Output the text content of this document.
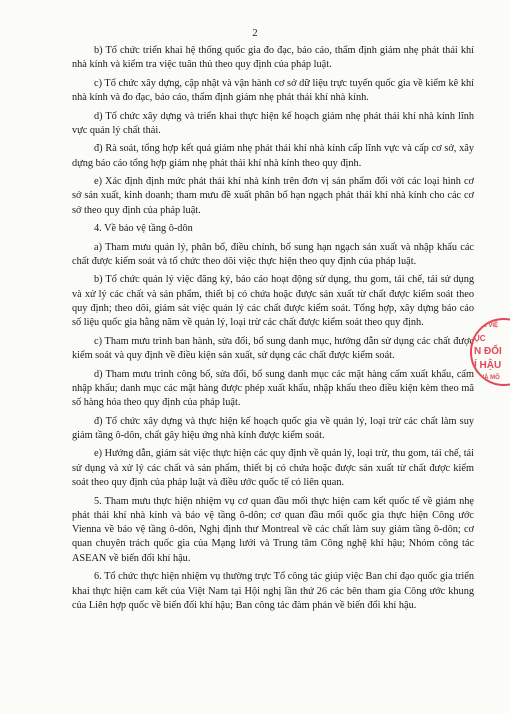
2

b) Tổ chức triển khai hệ thống quốc gia đo đạc, báo cáo, thẩm định giảm nhẹ phát thải khí nhà kính và kiểm tra việc tuân thủ theo quy định của pháp luật.

c) Tổ chức xây dựng, cập nhật và vận hành cơ sở dữ liệu trực tuyến quốc gia về kiểm kê khí nhà kính và đo đạc, báo cáo, thẩm định giảm nhẹ phát thải khí nhà kính.

d) Tổ chức xây dựng và triển khai thực hiện kế hoạch giảm nhẹ phát thải khí nhà kính lĩnh vực quản lý chất thải.

đ) Rà soát, tổng hợp kết quả giảm nhẹ phát thải khí nhà kính cấp lĩnh vực và cấp cơ sở, xây dựng báo cáo tổng hợp giảm nhẹ phát thải khí nhà kính theo quy định.

e) Xác định định mức phát thải khí nhà kính trên đơn vị sản phẩm đối với các loại hình cơ sở sản xuất, kinh doanh; tham mưu đề xuất phân bổ hạn ngạch phát thải khí nhà kính cho các cơ sở theo quy định của pháp luật.

4. Về bảo vệ tầng ô-dôn

a) Tham mưu quản lý, phân bổ, điều chỉnh, bổ sung hạn ngạch sản xuất và nhập khẩu các chất được kiểm soát và tổ chức theo dõi việc thực hiện theo quy định của pháp luật.

b) Tổ chức quản lý việc đăng ký, báo cáo hoạt động sử dụng, thu gom, tái chế, tái sử dụng và xử lý các chất và sản phẩm, thiết bị có chứa hoặc được sản xuất từ chất được kiểm soát theo quy định; theo dõi, giám sát việc quản lý các chất được kiểm soát. Tổng hợp, xây dựng báo cáo số liệu quốc gia hằng năm về quản lý, loại trừ các chất được kiểm soát theo quy định.

c) Tham mưu trình ban hành, sửa đổi, bổ sung danh mục, hướng dẫn sử dụng các chất được kiểm soát và quy định về điều kiện sản xuất, sử dụng các chất được kiểm soát.

d) Tham mưu trình công bố, sửa đổi, bổ sung danh mục các mặt hàng cấm xuất khẩu, cấm nhập khẩu; danh mục các mặt hàng được phép xuất khẩu, nhập khẩu theo điều kiện kèm theo mã số hàng hóa theo quy định của pháp luật.

đ) Tổ chức xây dựng và thực hiện kế hoạch quốc gia về quản lý, loại trừ các chất làm suy giảm tầng ô-dôn, chất gây hiệu ứng nhà kính được kiểm soát.

e) Hướng dẫn, giám sát việc thực hiện các quy định về quản lý, loại trừ, thu gom, tái chế, tái sử dụng và xử lý các chất và sản phẩm, thiết bị có chứa hoặc được sản xuất từ chất được kiểm soát theo quy định của pháp luật và điều ước quốc tế có liên quan.

5. Tham mưu thực hiện nhiệm vụ cơ quan đầu mối thực hiện cam kết quốc tế về giảm nhẹ phát thải khí nhà kính và bảo vệ tầng ô-dôn; cơ quan đầu mối quốc gia thực hiện Công ước Vienna về bảo vệ tầng ô-dôn, Nghị định thư Montreal về các chất làm suy giảm tầng ô-dôn; cơ quan chuyên trách quốc gia của Mạng lưới và Trung tâm Công nghệ khí hậu; Nhóm công tác ASEAN về biến đổi khí hậu.

6. Tổ chức thực hiện nhiệm vụ thường trực Tổ công tác giúp việc Ban chỉ đạo quốc gia triển khai thực hiện cam kết của Việt Nam tại Hội nghị lần thứ 26 các bên tham gia Công ước khung của Liên hợp quốc về biến đổi khí hậu; Ban công tác đàm phán về biến đổi khí hậu.

G.N VIỆ
ỤC
N ĐỔI
Í HẬU
H VÀ MÔ
